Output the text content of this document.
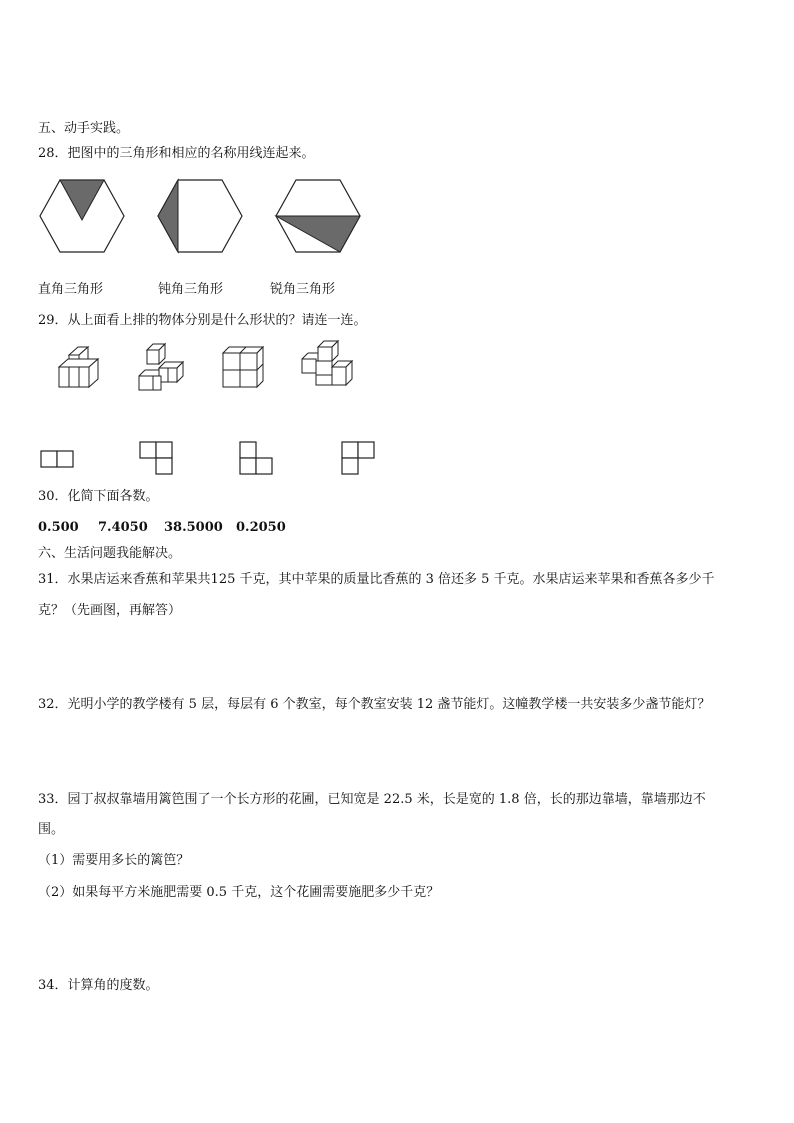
五、动手实践。
28．把图中的三角形和相应的名称用线连起来。
直角三角形	钝角三角形	锐角三角形
29．从上面看上排的物体分别是什么形状的？请连一连。
30．化简下面各数。
0.500 7.4050 38.5000 0.2050
六、生活问题我能解决。
31．水果店运来香蕉和苹果共125 千克，其中苹果的质量比香蕉的 3 倍还多 5 千克。水果店运来苹果和香蕉各多少千
克？（先画图，再解答）
32．光明小学的教学楼有 5 层，每层有 6 个教室，每个教室安装 12 盏节能灯。这幢教学楼一共安装多少盏节能灯？
33．园丁叔叔靠墙用篱笆围了一个长方形的花圃，已知宽是 22.5 米，长是宽的 1.8 倍，长的那边靠墙，靠墙那边不
围。
（1）需要用多长的篱笆？
（2）如果每平方米施肥需要 0.5 千克，这个花圃需要施肥多少千克？
34．计算角的度数。
